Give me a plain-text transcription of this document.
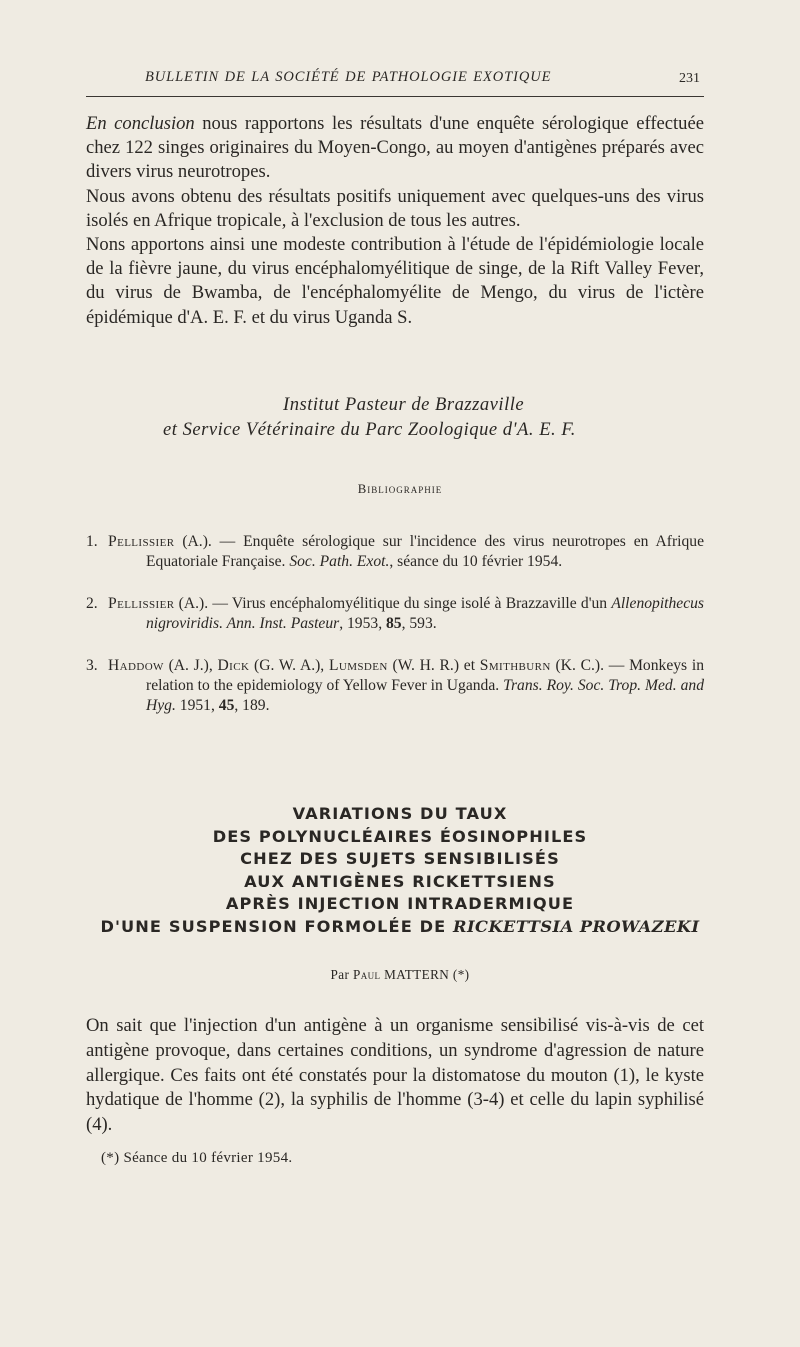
BULLETIN DE LA SOCIÉTÉ DE PATHOLOGIE EXOTIQUE	231

En conclusion nous rapportons les résultats d'une enquête sérologique effectuée chez 122 singes originaires du Moyen-Congo, au moyen d'antigènes préparés avec divers virus neurotropes.

Nous avons obtenu des résultats positifs uniquement avec quelques-uns des virus isolés en Afrique tropicale, à l'exclusion de tous les autres.

Nons apportons ainsi une modeste contribution à l'étude de l'épidémiologie locale de la fièvre jaune, du virus encéphalomyélitique de singe, de la Rift Valley Fever, du virus de Bwamba, de l'encéphalomyélite de Mengo, du virus de l'ictère épidémique d'A. E. F. et du virus Uganda S.

Institut Pasteur de Brazzaville
et Service Vétérinaire du Parc Zoologique d'A. E. F.
Bibliographie
1. Pellissier (A.). — Enquête sérologique sur l'incidence des virus neurotropes en Afrique Equatoriale Française. Soc. Path. Exot., séance du 10 février 1954.
2. Pellissier (A.). — Virus encéphalomyélitique du singe isolé à Brazzaville d'un Allenopithecus nigroviridis. Ann. Inst. Pasteur, 1953, 85, 593.
3. Haddow (A. J.), Dick (G. W. A.), Lumsden (W. H. R.) et Smithburn (K. C.). — Monkeys in relation to the epidemiology of Yellow Fever in Uganda. Trans. Roy. Soc. Trop. Med. and Hyg. 1951, 45, 189.
VARIATIONS DU TAUX
DES POLYNUCLÉAIRES ÉOSINOPHILES
CHEZ DES SUJETS SENSIBILISÉS
AUX ANTIGÈNES RICKETTSIENS
APRÈS INJECTION INTRADERMIQUE
D'UNE SUSPENSION FORMOLÉE DE RICKETTSIA PROWAZEKI
Par Paul MATTERN (*)

On sait que l'injection d'un antigène à un organisme sensibilisé vis-à-vis de cet antigène provoque, dans certaines conditions, un syndrome d'agression de nature allergique. Ces faits ont été constatés pour la distomatose du mouton (1), le kyste hydatique de l'homme (2), la syphilis de l'homme (3-4) et celle du lapin syphilisé (4).

(*) Séance du 10 février 1954.
